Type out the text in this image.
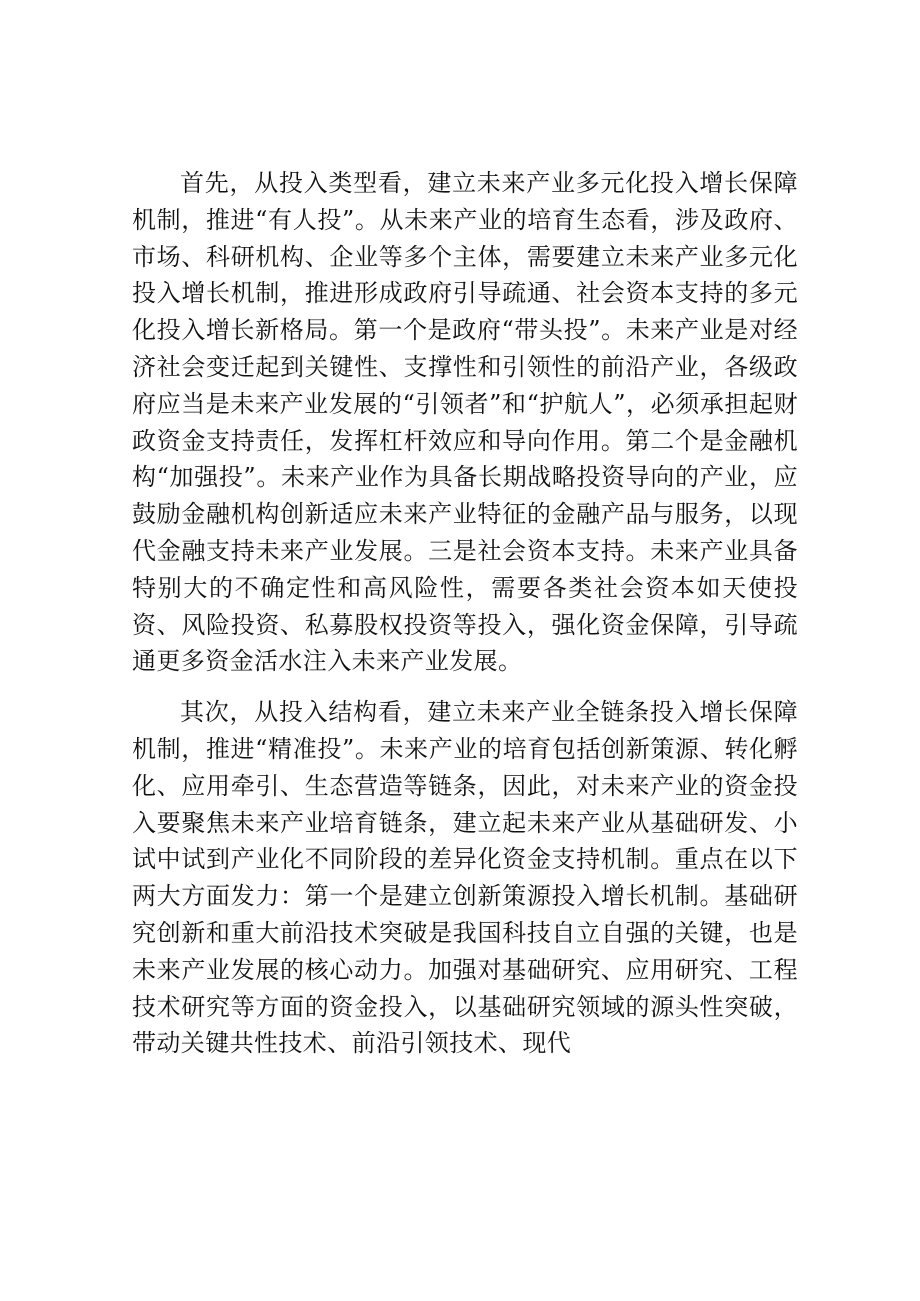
首先，从投入类型看，建立未来产业多元化投入增长保障机制，推进“有人投”。从未来产业的培育生态看，涉及政府、市场、科研机构、企业等多个主体，需要建立未来产业多元化投入增长机制，推进形成政府引导疏通、社会资本支持的多元化投入增长新格局。第一个是政府“带头投”。未来产业是对经济社会变迁起到关键性、支撑性和引领性的前沿产业，各级政府应当是未来产业发展的“引领者”和“护航人”，必须承担起财政资金支持责任，发挥杠杆效应和导向作用。第二个是金融机构“加强投”。未来产业作为具备长期战略投资导向的产业，应鼓励金融机构创新适应未来产业特征的金融产品与服务，以现代金融支持未来产业发展。三是社会资本支持。未来产业具备特别大的不确定性和高风险性，需要各类社会资本如天使投资、风险投资、私募股权投资等投入，强化资金保障，引导疏通更多资金活水注入未来产业发展。

其次，从投入结构看，建立未来产业全链条投入增长保障机制，推进“精准投”。未来产业的培育包括创新策源、转化孵化、应用牵引、生态营造等链条，因此，对未来产业的资金投入要聚焦未来产业培育链条，建立起未来产业从基础研发、小试中试到产业化不同阶段的差异化资金支持机制。重点在以下两大方面发力：第一个是建立创新策源投入增长机制。基础研究创新和重大前沿技术突破是我国科技自立自强的关键，也是未来产业发展的核心动力。加强对基础研究、应用研究、工程技术研究等方面的资金投入，以基础研究领域的源头性突破，带动关键共性技术、前沿引领技术、现代
